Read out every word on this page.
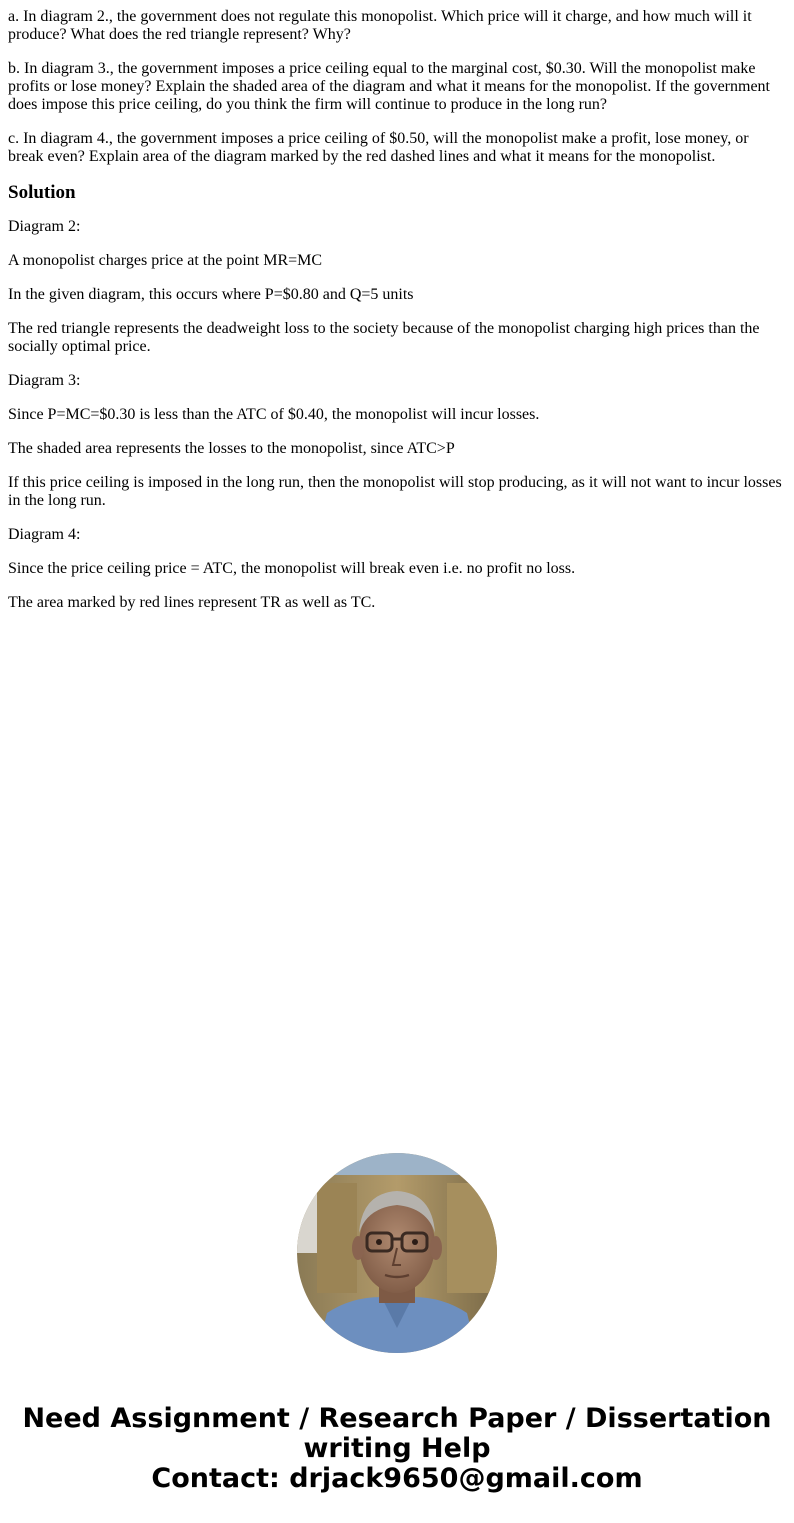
a. In diagram 2., the government does not regulate this monopolist. Which price will it charge, and how much will it produce? What does the red triangle represent? Why?

b. In diagram 3., the government imposes a price ceiling equal to the marginal cost, $0.30. Will the monopolist make profits or lose money? Explain the shaded area of the diagram and what it means for the monopolist. If the government does impose this price ceiling, do you think the firm will continue to produce in the long run?

c. In diagram 4., the government imposes a price ceiling of $0.50, will the monopolist make a profit, lose money, or break even? Explain area of the diagram marked by the red dashed lines and what it means for the monopolist.

Solution

Diagram 2:

A monopolist charges price at the point MR=MC

In the given diagram, this occurs where P=$0.80 and Q=5 units

The red triangle represents the deadweight loss to the society because of the monopolist charging high prices than the socially optimal price.

Diagram 3:

Since P=MC=$0.30 is less than the ATC of $0.40, the monopolist will incur losses.

The shaded area represents the losses to the monopolist, since ATC>P

If this price ceiling is imposed in the long run, then the monopolist will stop producing, as it will not want to incur losses in the long run.

Diagram 4:

Since the price ceiling price = ATC, the monopolist will break even i.e. no profit no loss.

The area marked by red lines represent TR as well as TC.

Need Assignment / Research Paper / Dissertation
writing Help
Contact: drjack9650@gmail.com
